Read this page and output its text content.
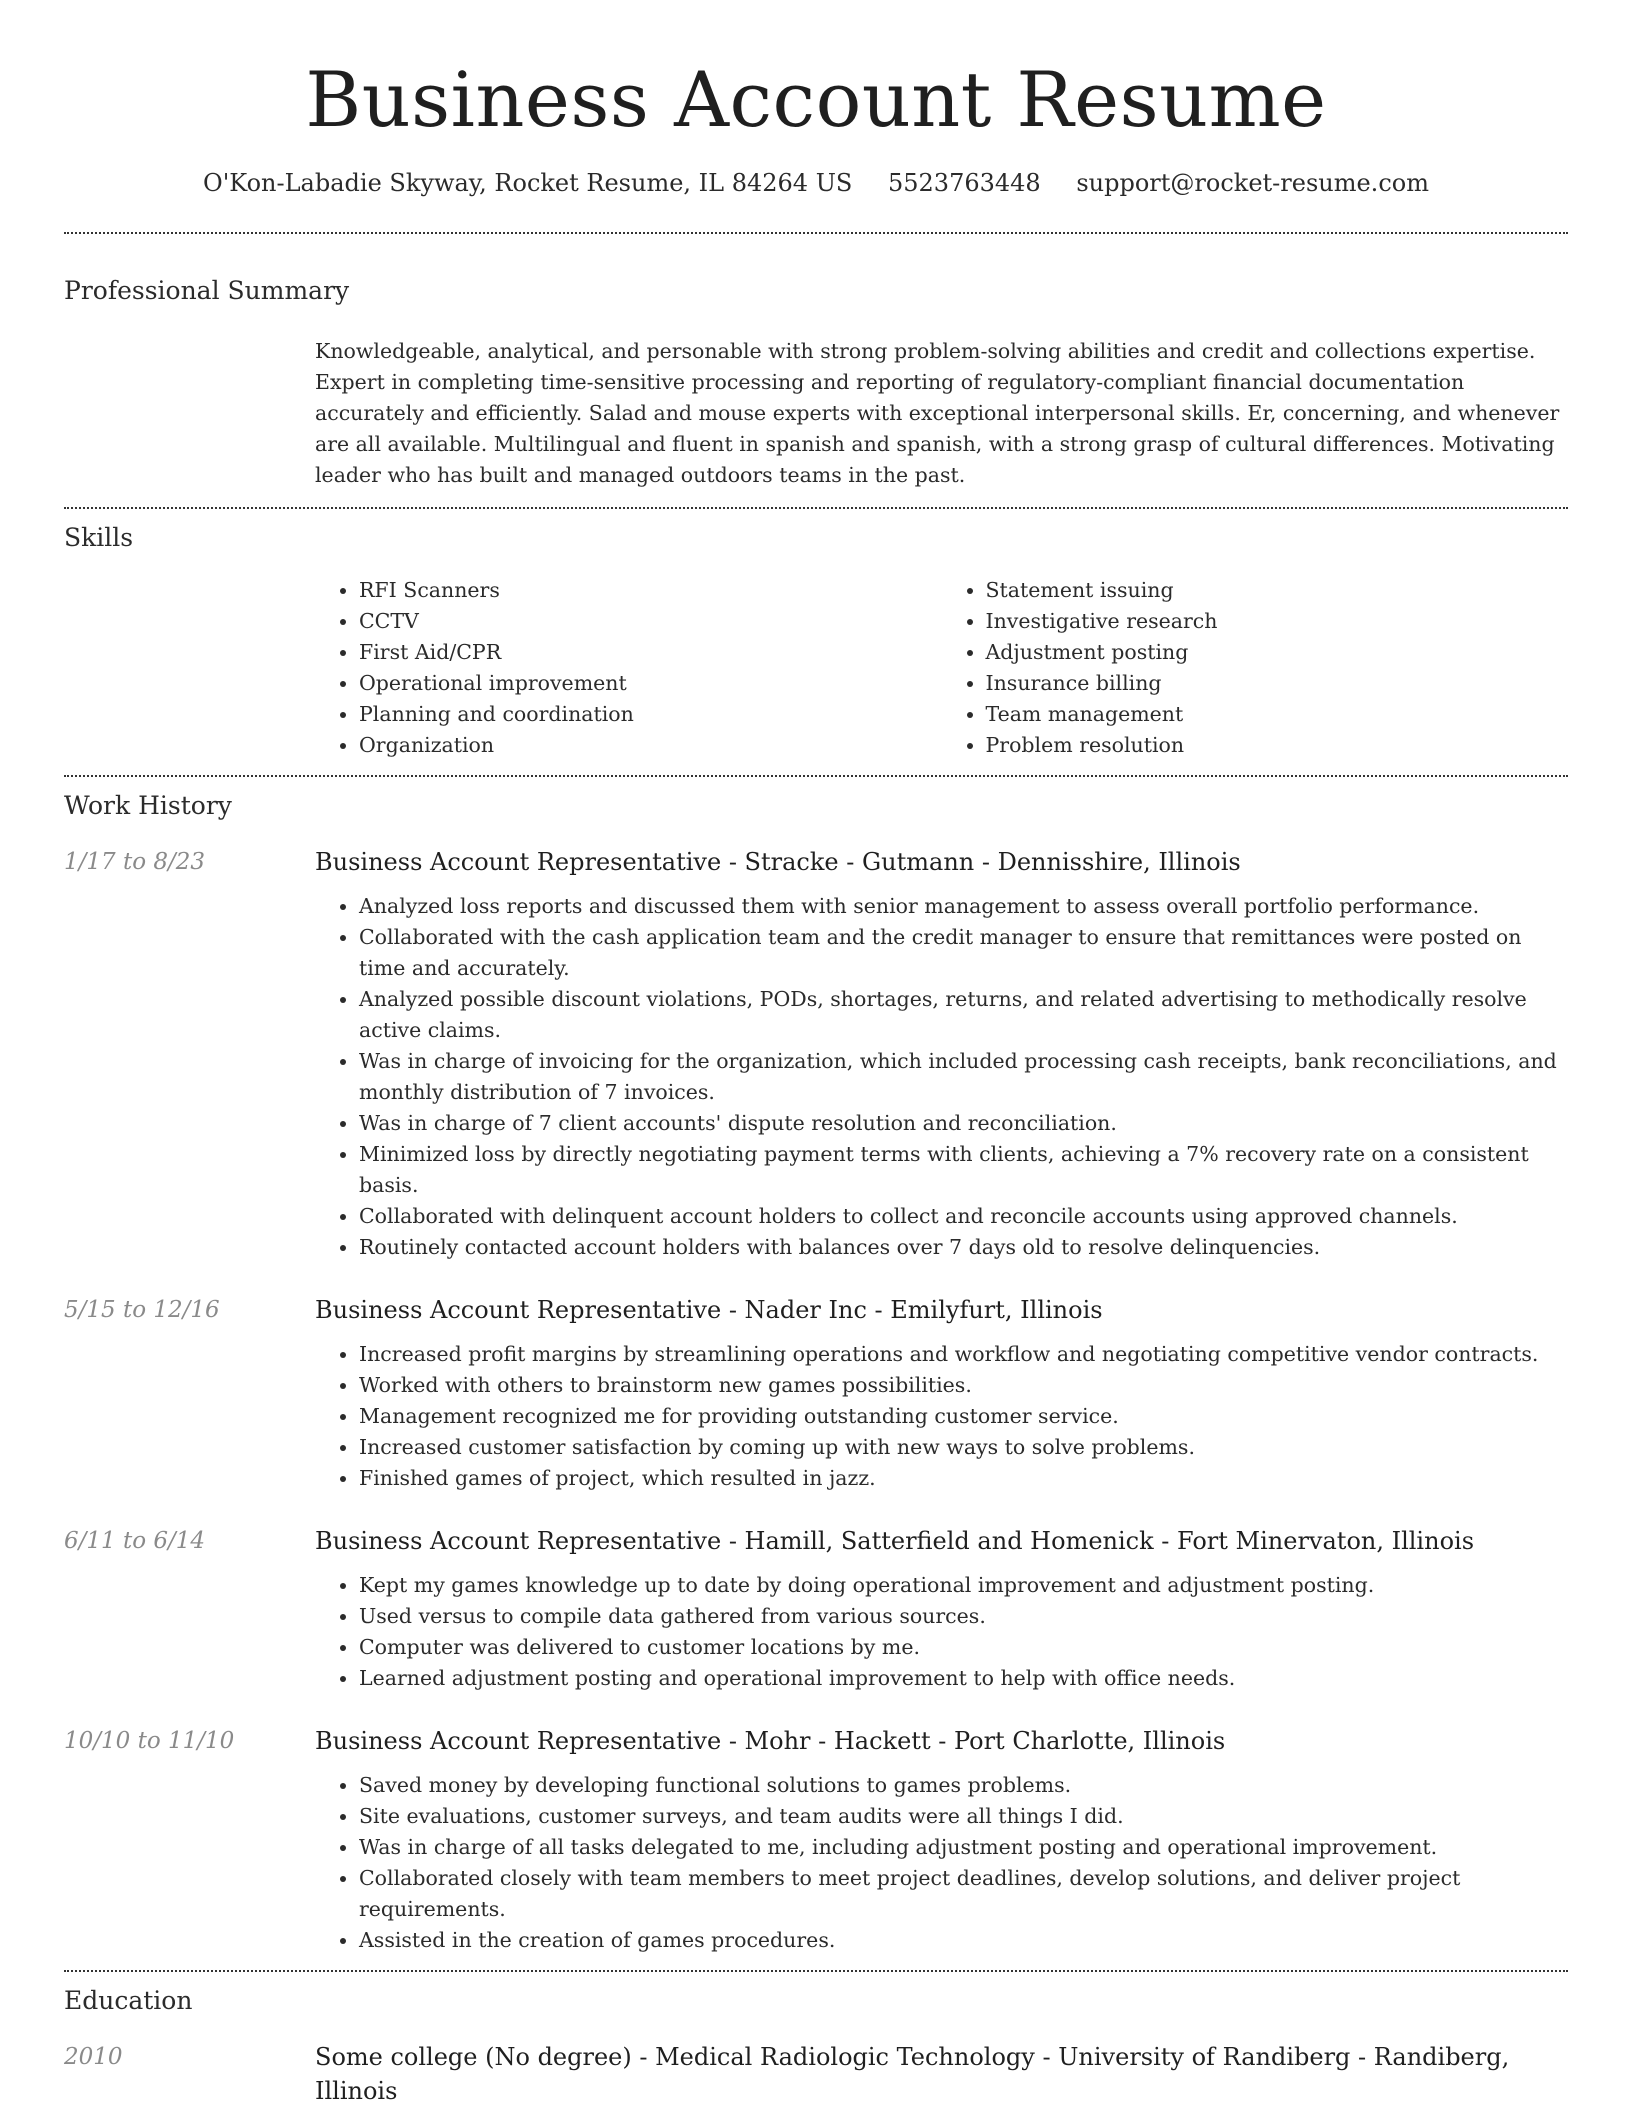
Business Account Resume
O'Kon-Labadie Skyway, Rocket Resume, IL 84264 US 5523763448 support@rocket-resume.com
Professional Summary

Knowledgeable, analytical, and personable with strong problem-solving abilities and credit and collections expertise. Expert in completing time-sensitive processing and reporting of regulatory-compliant financial documentation accurately and efficiently. Salad and mouse experts with exceptional interpersonal skills. Er, concerning, and whenever are all available. Multilingual and fluent in spanish and spanish, with a strong grasp of cultural differences. Motivating leader who has built and managed outdoors teams in the past.

Skills
• RFI Scanners
• CCTV
• First Aid/CPR
• Operational improvement
• Planning and coordination
• Organization
• Statement issuing
• Investigative research
• Adjustment posting
• Insurance billing
• Team management
• Problem resolution
Work History
1/17 to 8/23	Business Account Representative - Stracke - Gutmann - Dennisshire, Illinois
• Analyzed loss reports and discussed them with senior management to assess overall portfolio performance.
• Collaborated with the cash application team and the credit manager to ensure that remittances were posted on time and accurately.
• Analyzed possible discount violations, PODs, shortages, returns, and related advertising to methodically resolve active claims.
• Was in charge of invoicing for the organization, which included processing cash receipts, bank reconciliations, and monthly distribution of 7 invoices.
• Was in charge of 7 client accounts' dispute resolution and reconciliation.
• Minimized loss by directly negotiating payment terms with clients, achieving a 7% recovery rate on a consistent basis.
• Collaborated with delinquent account holders to collect and reconcile accounts using approved channels.
• Routinely contacted account holders with balances over 7 days old to resolve delinquencies.
5/15 to 12/16	Business Account Representative - Nader Inc - Emilyfurt, Illinois
• Increased profit margins by streamlining operations and workflow and negotiating competitive vendor contracts.
• Worked with others to brainstorm new games possibilities.
• Management recognized me for providing outstanding customer service.
• Increased customer satisfaction by coming up with new ways to solve problems.
• Finished games of project, which resulted in jazz.
6/11 to 6/14	Business Account Representative - Hamill, Satterfield and Homenick - Fort Minervaton, Illinois
• Kept my games knowledge up to date by doing operational improvement and adjustment posting.
• Used versus to compile data gathered from various sources.
• Computer was delivered to customer locations by me.
• Learned adjustment posting and operational improvement to help with office needs.
10/10 to 11/10	Business Account Representative - Mohr - Hackett - Port Charlotte, Illinois
• Saved money by developing functional solutions to games problems.
• Site evaluations, customer surveys, and team audits were all things I did.
• Was in charge of all tasks delegated to me, including adjustment posting and operational improvement.
• Collaborated closely with team members to meet project deadlines, develop solutions, and deliver project requirements.
• Assisted in the creation of games procedures.
Education
2010	Some college (No degree) - Medical Radiologic Technology - University of Randiberg - Randiberg, Illinois
